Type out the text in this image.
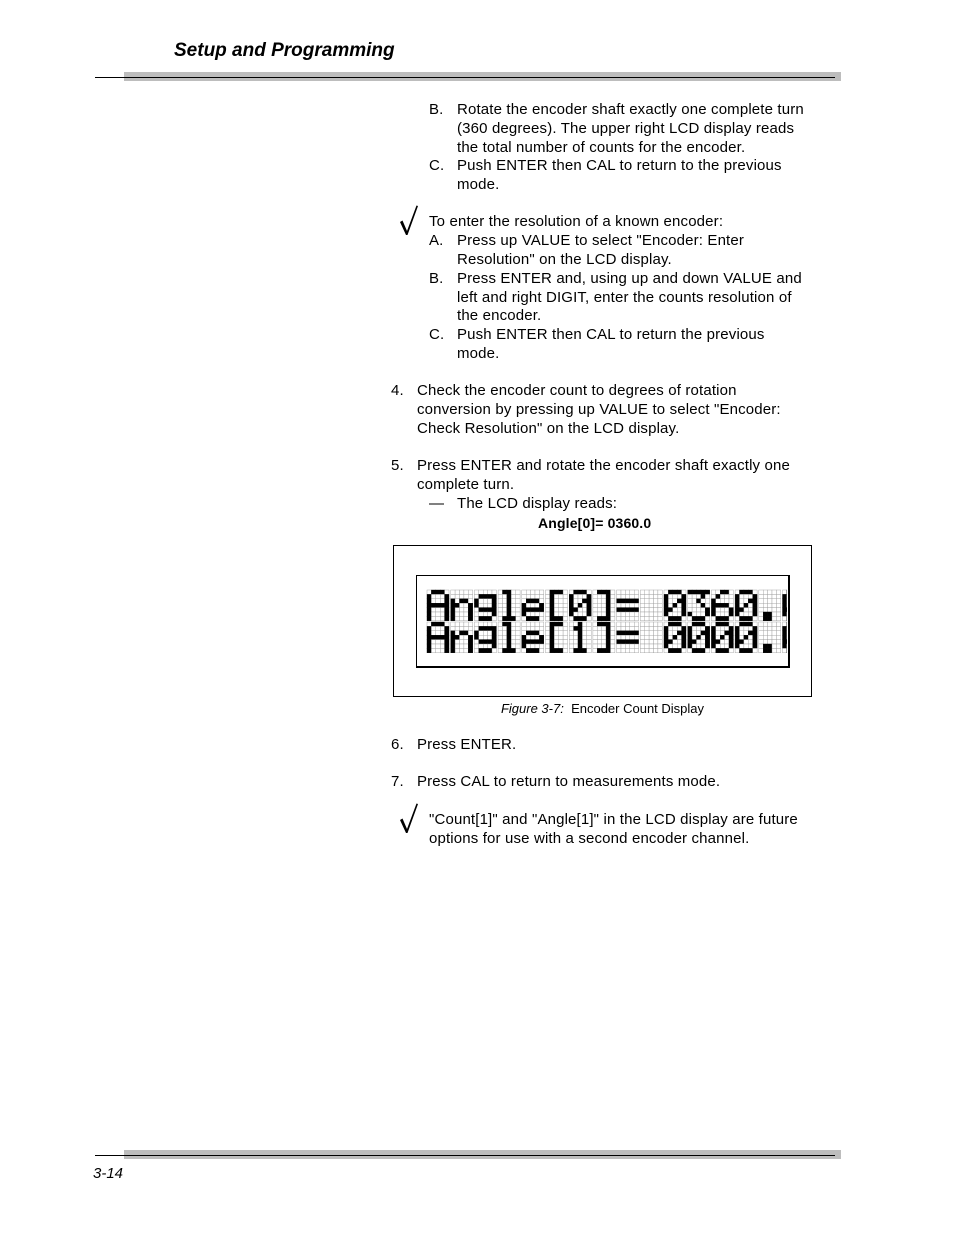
Setup and Programming
B. Rotate the encoder shaft exactly one complete turn
(360 degrees). The upper right LCD display reads
the total number of counts for the encoder.
C. Push ENTER then CAL to return to the previous
mode.
To enter the resolution of a known encoder:
A. Press up VALUE to select "Encoder: Enter
Resolution" on the LCD display.
B. Press ENTER and, using up and down VALUE and
left and right DIGIT, enter the counts resolution of
the encoder.
C. Push ENTER then CAL to return the previous
mode.
4. Check the encoder count to degrees of rotation
conversion by pressing up VALUE to select "Encoder:
Check Resolution" on the LCD display.
5. Press ENTER and rotate the encoder shaft exactly one
complete turn.
— The LCD display reads:
Angle[0]= 0360.0
Figure 3-7: Encoder Count Display
6. Press ENTER.
7. Press CAL to return to measurements mode.
"Count[1]" and "Angle[1]" in the LCD display are future
options for use with a second encoder channel.
3-14
